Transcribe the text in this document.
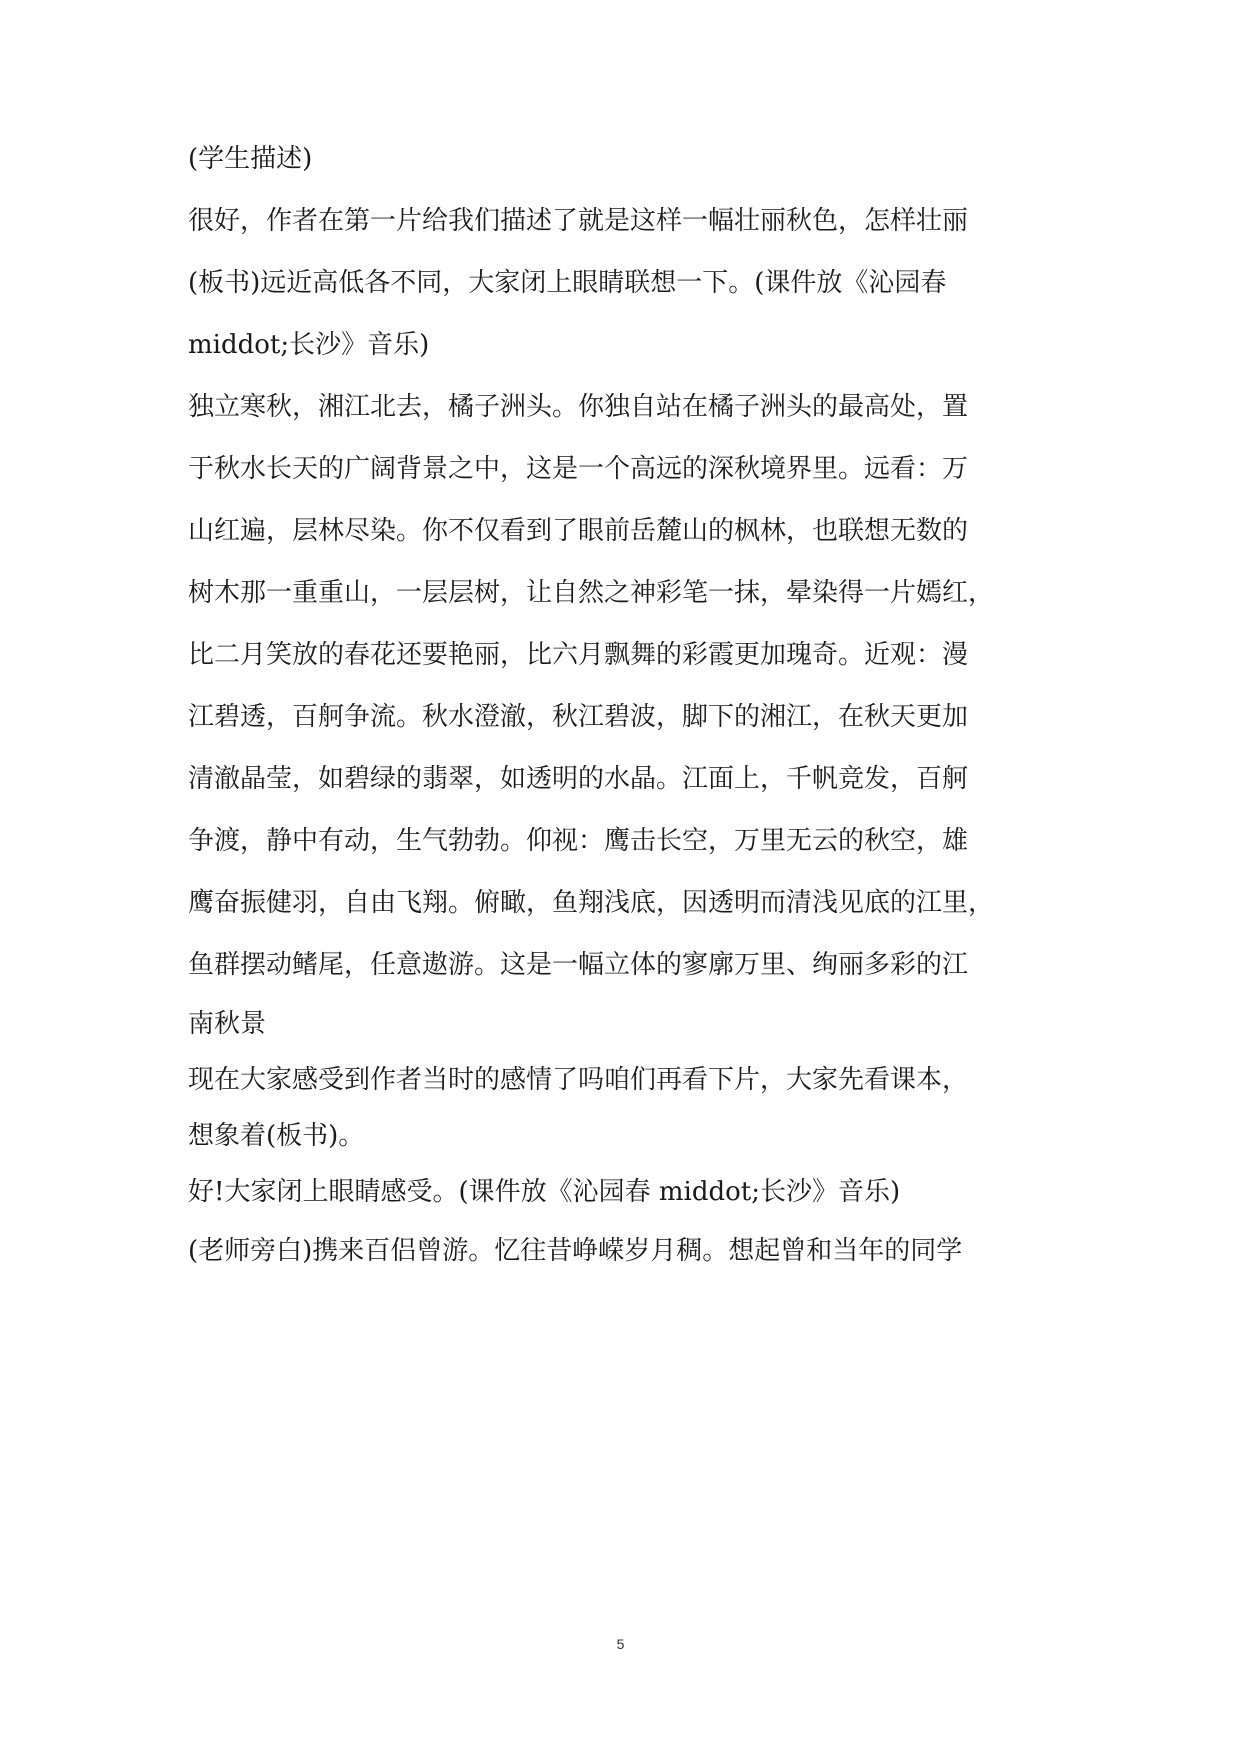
(学生描述)
很好，作者在第一片给我们描述了就是这样一幅壮丽秋色，怎样壮丽
(板书)远近高低各不同，大家闭上眼睛联想一下。(课件放《沁园春
middot;长沙》音乐)
独立寒秋，湘江北去，橘子洲头。你独自站在橘子洲头的最高处，置
于秋水长天的广阔背景之中，这是一个高远的深秋境界里。远看：万
山红遍，层林尽染。你不仅看到了眼前岳麓山的枫林，也联想无数的
树木那一重重山，一层层树，让自然之神彩笔一抹，晕染得一片嫣红，
比二月笑放的春花还要艳丽，比六月飘舞的彩霞更加瑰奇。近观：漫
江碧透，百舸争流。秋水澄澈，秋江碧波，脚下的湘江，在秋天更加
清澈晶莹，如碧绿的翡翠，如透明的水晶。江面上，千帆竞发，百舸
争渡，静中有动，生气勃勃。仰视：鹰击长空，万里无云的秋空，雄
鹰奋振健羽，自由飞翔。俯瞰，鱼翔浅底，因透明而清浅见底的江里，
鱼群摆动鳍尾，任意遨游。这是一幅立体的寥廓万里、绚丽多彩的江
南秋景
现在大家感受到作者当时的感情了吗咱们再看下片，大家先看课本，
想象着(板书)。
好!大家闭上眼睛感受。(课件放《沁园春 middot;长沙》音乐)
(老师旁白)携来百侣曾游。忆往昔峥嵘岁月稠。想起曾和当年的同学
5
